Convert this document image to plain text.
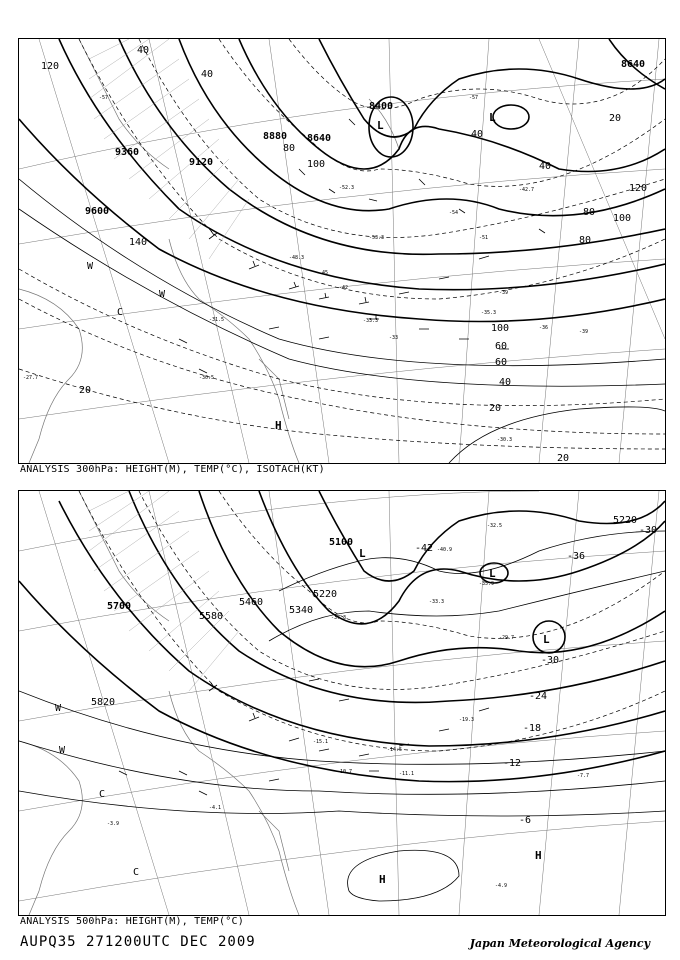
-57
-54
-53.3
-52.3
-51
-48.3
-45
-42
-39
-36
-33
-31.5
-30.5
-30.3
-35.3
-33.3
-39
-42.7
-27.7
-57
9600
9360
9120
8880 8640
8400
8640
120
40
40
80
100
140
120
100
80
60
40
20
20
40
80
100
60
40
20
20
L
L
W
C
W
H
ANALYSIS 300hPa: HEIGHT(M), TEMP(°C), ISOTACH(KT)
-42
-36
-30
-24
-18
-12
-6
-30
-37.3
-32.5
-40.9
-35.9
-33.3
-29.7
-19.3
-15.1
-11.1
-10.7
-14.5
-4.9
-4.1
-3.9
-7.7
5700
5580
5460
5340
5220
5100
5820
5220
L
L
L
W
W
C
C
H
H
ANALYSIS 500hPa: HEIGHT(M), TEMP(°C)
AUPQ35 271200UTC DEC 2009	Japan Meteorological Agency
